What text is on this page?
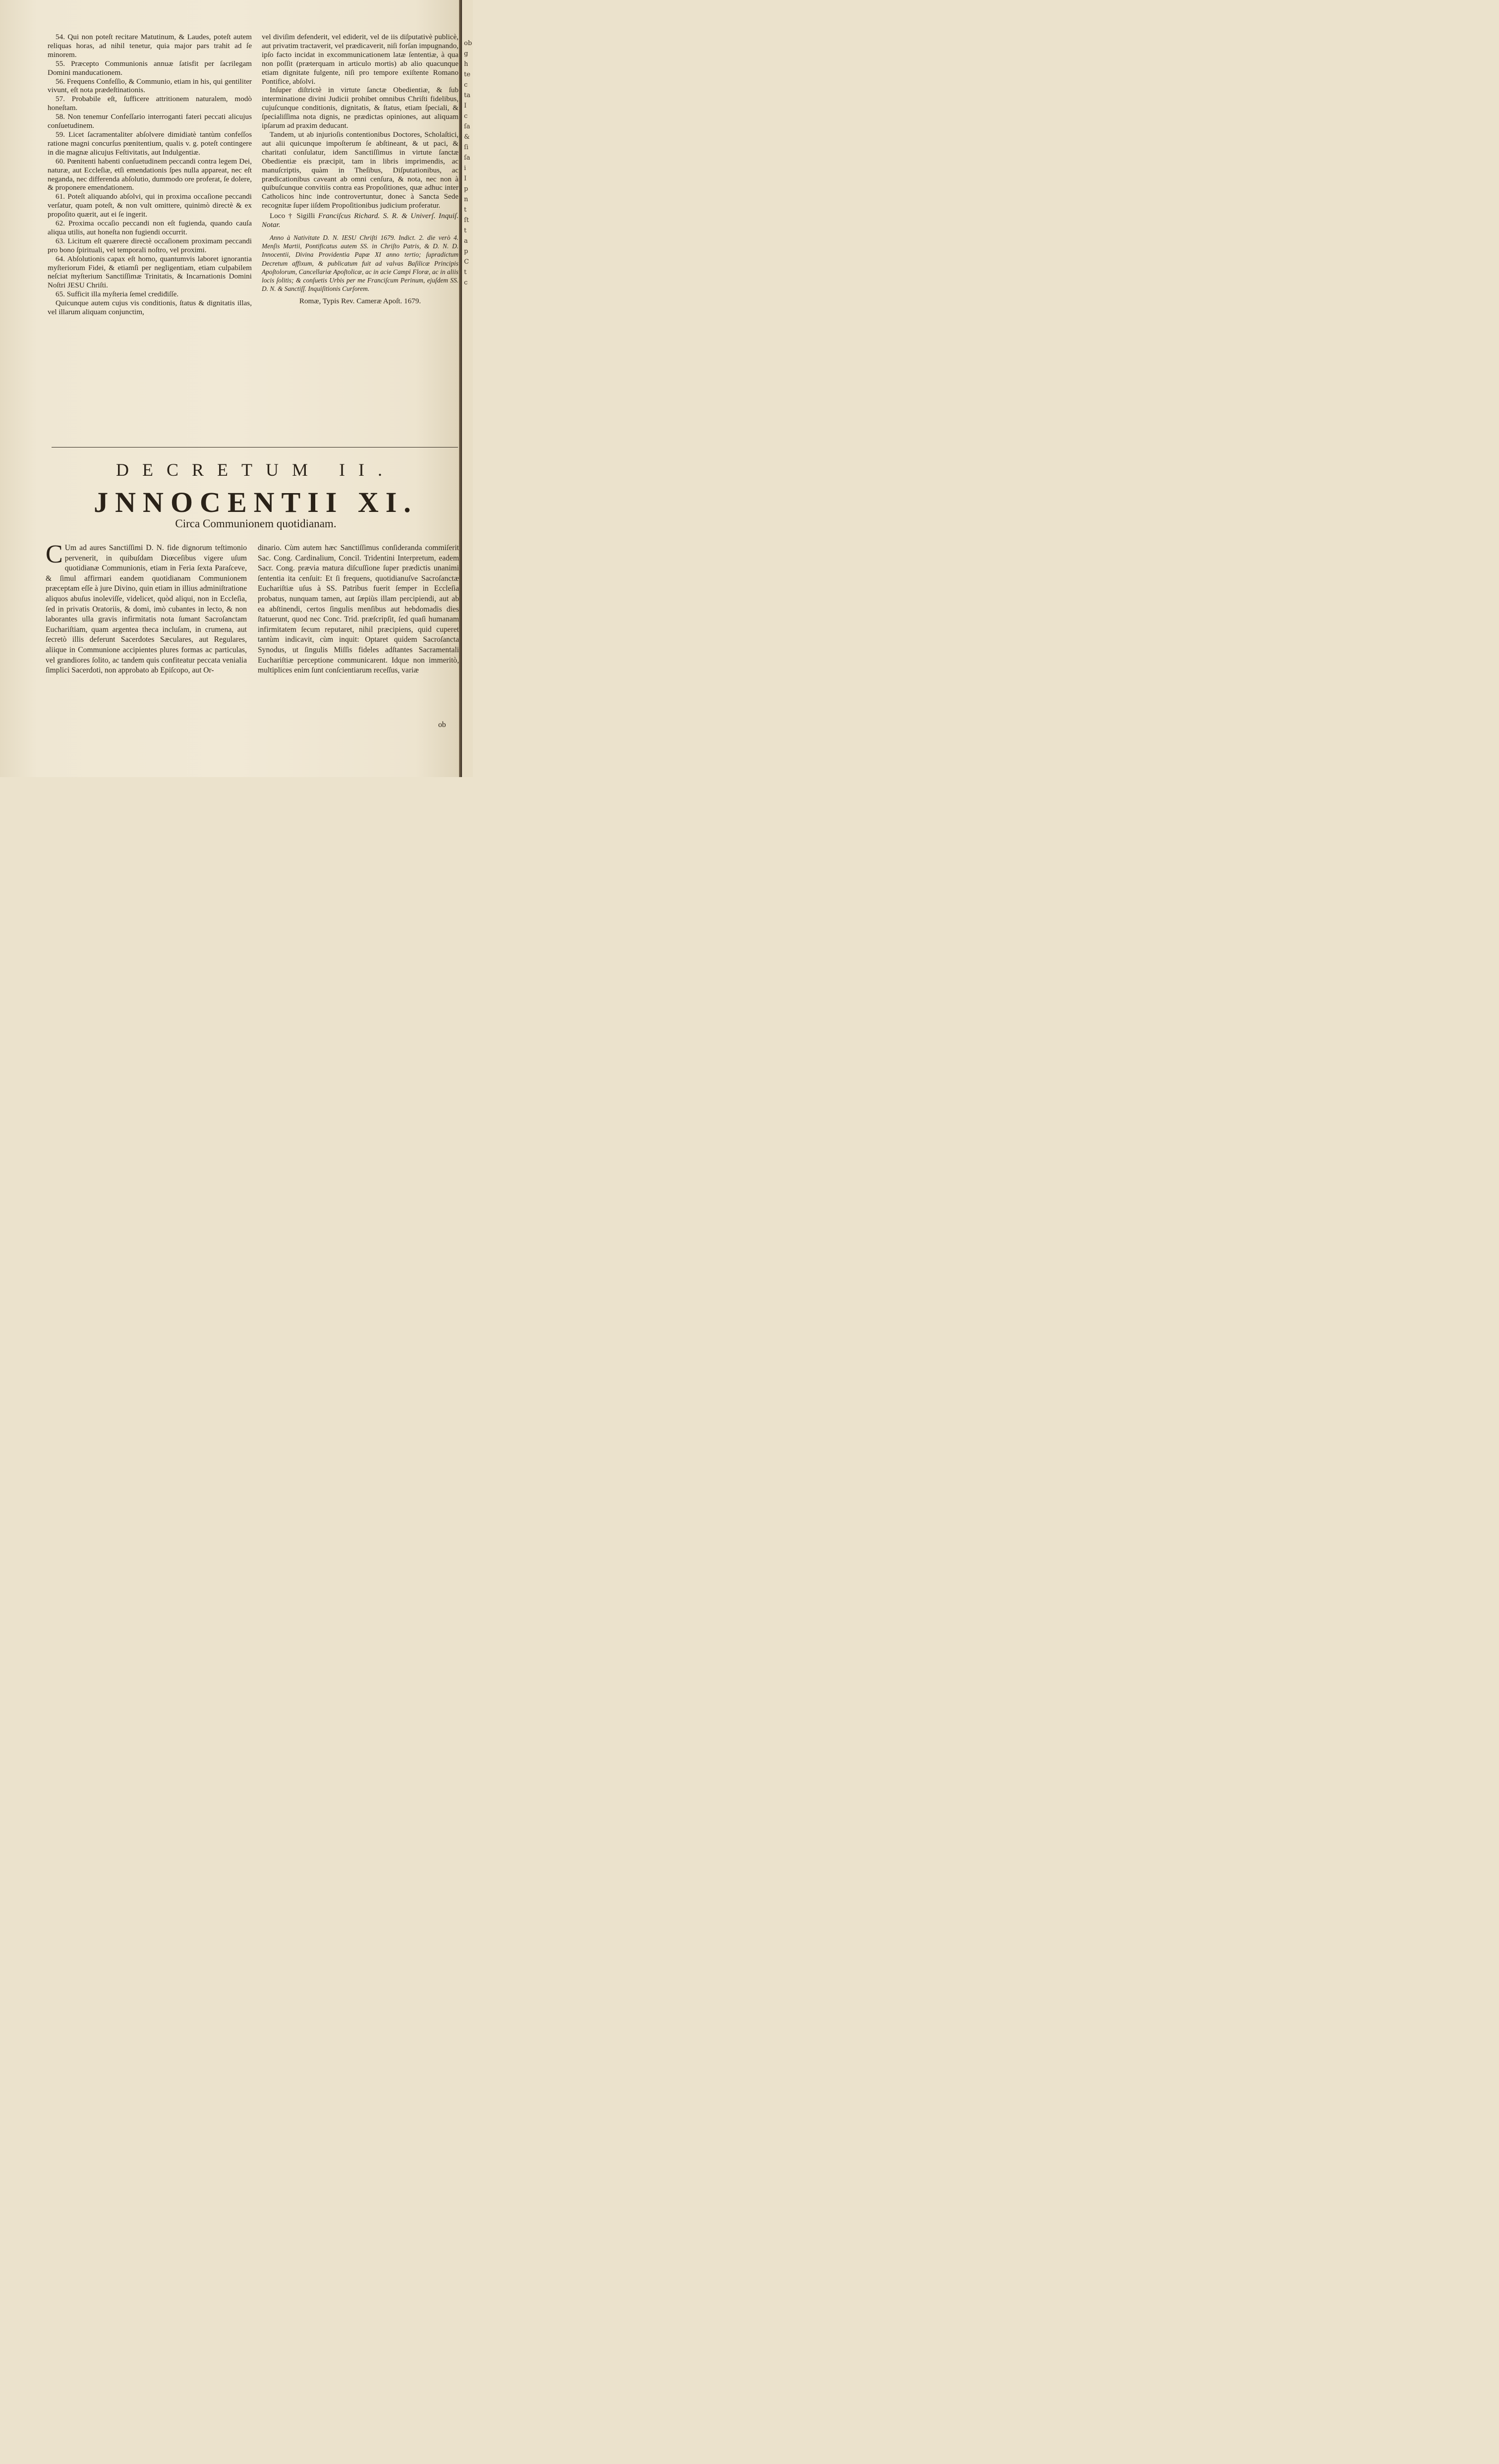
54. Qui non poteſt recitare Matutinum, & Laudes, poteſt autem reliquas horas, ad nihil tenetur, quia major pars trahit ad ſe minorem.

55. Præcepto Communionis annuæ ſatisfit per ſacrilegam Domini manducationem.

56. Frequens Confeſſio, & Communio, etiam in his, qui gentiliter vivunt, eſt nota prædeſtinationis.

57. Probabile eſt, ſufficere attritionem naturalem, modò honeſtam.

58. Non tenemur Confeſſario interroganti fateri peccati alicujus conſuetudinem.

59. Licet ſacramentaliter abſolvere dimidiatè tantùm confeſſos ratione magni concurſus pœnitentium, qualis v. g. poteſt contingere in die magnæ alicujus Feſtivitatis, aut Indulgentiæ.

60. Pœnitenti habenti conſuetudinem peccandi contra legem Dei, naturæ, aut Eccleſiæ, etſi emendationis ſpes nulla appareat, nec eſt neganda, nec differenda abſolutio, dummodo ore proferat, ſe dolere, & proponere emendationem.

61. Poteſt aliquando abſolvi, qui in proxima occaſione peccandi verſatur, quam poteſt, & non vult omittere, quinimò directè & ex propoſito quærit, aut ei ſe ingerit.

62. Proxima occaſio peccandi non eſt fugienda, quando cauſa aliqua utilis, aut honeſta non fugiendi occurrit.

63. Licitum eſt quærere directè occaſionem proximam peccandi pro bono ſpirituali, vel temporali noſtro, vel proximi.

64. Abſolutionis capax eſt homo, quantumvis laboret ignorantia myſteriorum Fidei, & etiamſi per negligentiam, etiam culpabilem neſciat myſterium Sanctiſſimæ Trinitatis, & Incarnationis Domini Noſtri JESU Chriſti.

65. Sufficit illa myſteria ſemel crediđiſſe.

Quicunque autem cujus vis conditionis, ſtatus & dignitatis illas, vel illarum aliquam conjunctim,

vel diviſim defenderit, vel ediderit, vel de iis diſputativè publicè, aut privatim tractaverit, vel prædicaverit, niſi forſan impugnando, ipſo facto incidat in excommunicationem latæ ſententiæ, à qua non poſſit (præterquam in articulo mortis) ab alio quacunque etiam dignitate fulgente, niſi pro tempore exiſtente Romano Pontifice, abſolvi.

Inſuper diſtrictè in virtute ſanctæ Obedientiæ, & ſub interminatione divini Judicii prohibet omnibus Chriſti fidelibus, cujuſcunque conditionis, dignitatis, & ſtatus, etiam ſpeciali, & ſpecialiſſima nota dignis, ne prædictas opiniones, aut aliquam ipſarum ad praxim deducant.

Tandem, ut ab injurioſis contentionibus Doctores, Scholaſtici, aut alii quicunque impoſterum ſe abſtineant, & ut paci, & charitati conſulatur, idem Sanctiſſimus in virtute ſanctæ Obedientiæ eis præcipit, tam in libris imprimendis, ac manuſcriptis, quàm in Theſibus, Diſputationibus, ac prædicationibus caveant ab omni cenſura, & nota, nec non à quibuſcunque convitiis contra eas Propoſitiones, quæ adhuc inter Catholicos hinc inde controvertuntur, donec à Sancta Sede recognitæ ſuper iiſdem Propoſitionibus judicium proferatur.

Loco † Sigilli Franciſcus Richard. S. R. & Univerſ. Inquiſ. Notar.

Anno à Nativitate D. N. IESU Chriſti 1679. Indict. 2. die verò 4. Menſis Martii, Pontificatus autem SS. in Chriſto Patris, & D. N. D. Innocentii, Divina Providentia Papæ XI anno tertio; ſupradictum Decretum affixum, & publicatum fuit ad valvas Baſilicæ Principis Apoſtolorum, Cancellariæ Apoſtolicæ, ac in acie Campi Floræ, ac in aliis locis ſolitis; & conſuetis Urbis per me Franciſcum Perinum, ejuſdem SS. D. N. & Sanctiſſ. Inquiſitionis Curſorem.

Romæ, Typis Rev. Cameræ Apoſt. 1679.

DECRETUM II.
JNNOCENTII XI.
Circa Communionem quotidianam.

C Um ad aures Sanctiſſimi D. N. fide dignorum teſtimonio pervenerit, in quibuſdam Diœceſibus vigere uſum quotidianæ Communionis, etiam in Feria ſexta Paraſceve, & ſimul affirmari eandem quotidianam Communionem præceptam eſſe à jure Divino, quin etiam in illius adminiſtratione aliquos abuſus inoleviſſe, videlicet, quòd aliqui, non in Eccleſia, ſed in privatis Oratoriis, & domi, imò cubantes in lecto, & non laborantes ulla gravis infirmitatis nota ſumant Sacroſanctam Euchariſtiam, quam argentea theca incluſam, in crumena, aut ſecretò illis deferunt Sacerdotes Sæculares, aut Regulares, aliique in Communione accipientes plures formas ac particulas, vel grandiores ſolito, ac tandem quis confiteatur peccata venialia ſimplici Sacerdoti, non approbato ab Epiſcopo, aut Or-

dinario. Cùm autem hæc Sanctiſſimus conſideranda commiſerit Sac. Cong. Cardinalium, Concil. Tridentini Interpretum, eadem Sacr. Cong. prævia matura diſcuſſione ſuper prædictis unanimi ſententia ita cenſuit: Et ſi frequens, quotidianuſve Sacroſanctæ Euchariſtiæ uſus à SS. Patribus fuerit ſemper in Eccleſia probatus, nunquam tamen, aut ſæpiùs illam percipiendi, aut ab ea abſtinendi, certos ſingulis menſibus aut hebdomadis dies ſtatuerunt, quod nec Conc. Trid. præſcripſit, ſed quaſi humanam infirmitatem ſecum reputaret, nihil præcipiens, quid cuperet tantùm indicavit, cùm inquit: Optaret quidem Sacroſancta Synodus, ut ſingulis Miſſis fideles adſtantes Sacramentali Euchariſtiæ perceptione communicarent. Idque non immeritò, multiplices enim ſunt conſcientiarum receſſus, variæ

ob
ob
g
h
te
c
ta
I
c
ſa
&
ſi
ſa
i
I
p
n
t
ſt
t
a
p
C
t
c
